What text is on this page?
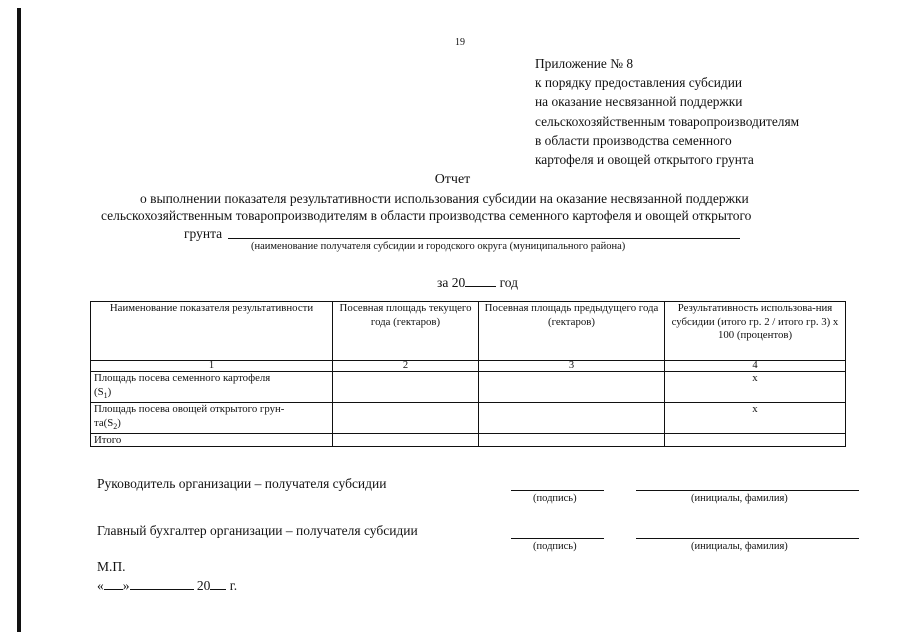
19
Приложение № 8
к порядку предоставления субсидии
на оказание несвязанной поддержки
сельскохозяйственным товаропроизводителям
в области производства семенного
картофеля и овощей открытого грунта
Отчет
о выполнении показателя результативности использования субсидии на оказание несвязанной поддержки
сельскохозяйственным товаропроизводителям в области производства семенного картофеля и овощей открытого
грунта
(наименование получателя субсидии и городского округа (муниципального района)
за 20	год
Наименование показателя результативности	Посевная площадь текущего года (гектаров)	Посевная площадь предыдущего года (гектаров)	Результативность использова-ния субсидии (итого гр. 2 / итого гр. 3) х 100 (процентов)
1	2	3	4
Площадь посева семенного картофеля
$(S_1)$			х
Площадь посева овощей открытого грун-
$та(S_2)$			х
Итого			
Руководитель организации – получателя субсидии
(подпись)	(инициалы, фамилия)
Главный бухгалтер организации – получателя субсидии
(подпись)	(инициалы, фамилия)
М.П.
« »	20 г.
